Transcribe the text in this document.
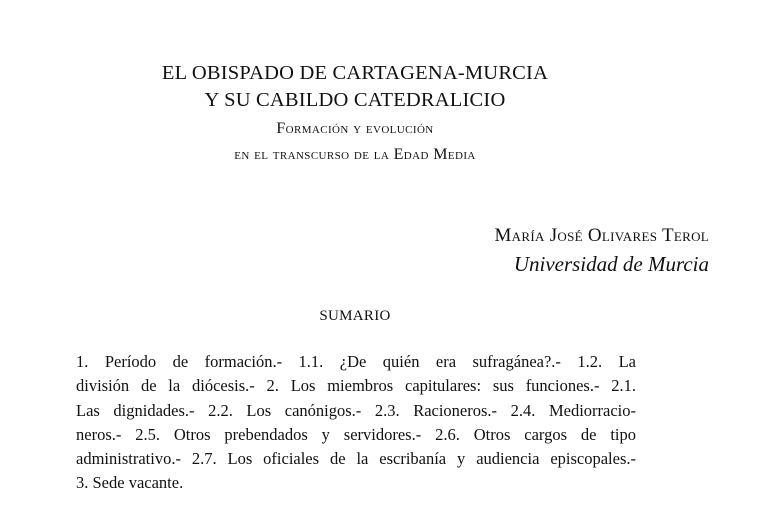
EL OBISPADO DE CARTAGENA-MURCIA
Y SU CABILDO CATEDRALICIO
Formación y evolución
en el transcurso de la Edad Media
María José Olivares Terol
Universidad de Murcia
SUMARIO
1. Período de formación.- 1.1. ¿De quién era sufragánea?.- 1.2. La
división de la diócesis.- 2. Los miembros capitulares: sus funciones.- 2.1.
Las dignidades.- 2.2. Los canónigos.- 2.3. Racioneros.- 2.4. Mediorracio-
neros.- 2.5. Otros prebendados y servidores.- 2.6. Otros cargos de tipo
administrativo.- 2.7. Los oficiales de la escribanía y audiencia episcopales.-
3. Sede vacante.
